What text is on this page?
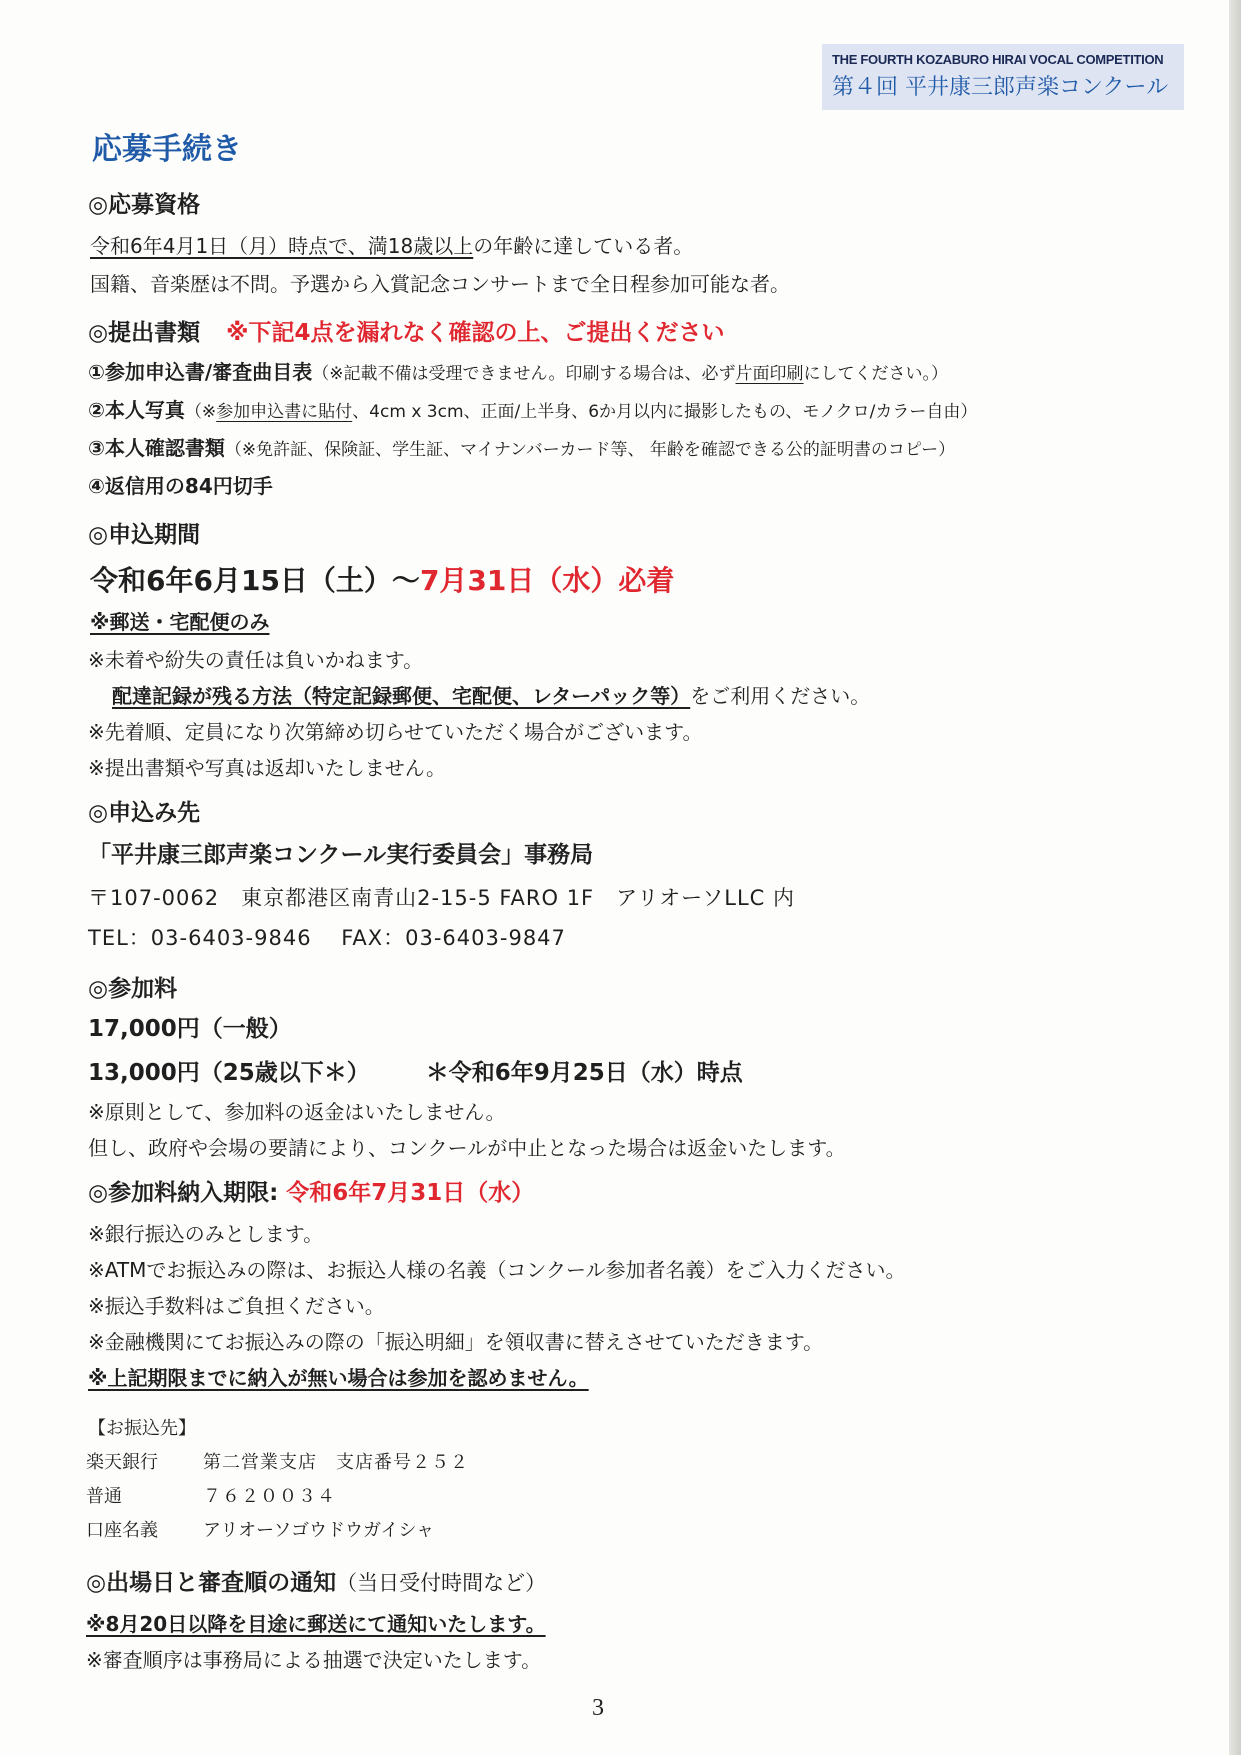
THE FOURTH KOZABURO HIRAI VOCAL COMPETITION
第４回 平井康三郎声楽コンクール
応募手続き
◎応募資格
令和6年4月1日（月）時点で、満18歳以上の年齢に達している者。
国籍、音楽歴は不問。予選から入賞記念コンサートまで全日程参加可能な者。
◎提出書類 ※下記4点を漏れなく確認の上、ご提出ください
①参加申込書/審査曲目表（※記載不備は受理できません。印刷する場合は、必ず片面印刷にしてください。）
②本人写真（※参加申込書に貼付、4cm x 3cm、正面/上半身、6か月以内に撮影したもの、モノクロ/カラー自由）
③本人確認書類（※免許証、保険証、学生証、マイナンバーカード等、 年齢を確認できる公的証明書のコピー）
④返信用の84円切手
◎申込期間
令和6年6月15日（土）～7月31日（水）必着
※郵送・宅配便のみ
※未着や紛失の責任は負いかねます。
配達記録が残る方法（特定記録郵便、宅配便、レターパック等）をご利用ください。
※先着順、定員になり次第締め切らせていただく場合がございます。
※提出書類や写真は返却いたしません。
◎申込み先
「平井康三郎声楽コンクール実行委員会」事務局
〒107-0062　東京都港区南青山2-15-5 FARO 1F　アリオーソLLC 内
TEL：03-6403-9846　 FAX：03-6403-9847
◎参加料
17,000円（一般）
13,000円（25歳以下＊） ＊令和6年9月25日（水）時点
※原則として、参加料の返金はいたしません。
但し、政府や会場の要請により、コンクールが中止となった場合は返金いたします。
◎参加料納入期限: 令和6年7月31日（水）
※銀行振込のみとします。
※ATMでお振込みの際は、お振込人様の名義（コンクール参加者名義）をご入力ください。
※振込手数料はご負担ください。
※金融機関にてお振込みの際の「振込明細」を領収書に替えさせていただきます。
※上記期限までに納入が無い場合は参加を認めません。
【お振込先】
楽天銀行	第二営業支店　支店番号２５２
普通	７６２００３４
口座名義	アリオーソゴウドウガイシャ
◎出場日と審査順の通知（当日受付時間など）
※8月20日以降を目途に郵送にて通知いたします。
※審査順序は事務局による抽選で決定いたします。
3
